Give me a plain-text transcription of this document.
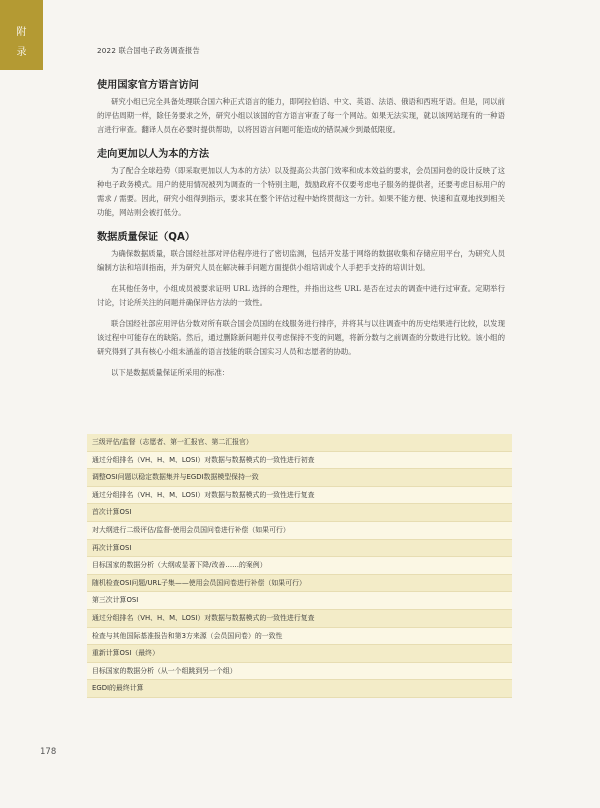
附
录	2022 联合国电子政务调查报告
使用国家官方语言访问

研究小组已完全具备处理联合国六种正式语言的能力，即阿拉伯语、中文、英语、法语、俄语和西班牙语。但是，同以前的评估周期一样，除任务要求之外，研究小组以该国的官方语言审查了每一个网站。如果无法实现，就以该网站现有的一种语言进行审查。翻译人员在必要时提供帮助，以将因语言问题可能造成的错误减少到最低限度。

走向更加以人为本的方法

为了配合全球趋势（即采取更加以人为本的方法）以及提高公共部门效率和成本效益的要求，会员国问卷的设计反映了这种电子政务模式。用户的使用情况被列为调查的一个特别主题，鼓励政府不仅要考虑电子服务的提供者，还要考虑目标用户的需求 / 需要。因此，研究小组得到指示，要求其在整个评估过程中始终贯彻这一方针。如果不能方便、快速和直观地找到相关功能，网站则会被打低分。

数据质量保证（QA）

为确保数据质量，联合国经社部对评估程序进行了密切监测，包括开发基于网络的数据收集和存储应用平台，为研究人员编制方法和培训指南，并为研究人员在解决棘手问题方面提供小组培训或个人手把手支持的培训计划。

在其他任务中，小组成员被要求证明 URL 选择的合理性，并指出这些 URL 是否在过去的调查中进行过审查。定期举行讨论，讨论所关注的问题并确保评估方法的一致性。

联合国经社部应用评估分数对所有联合国会员国的在线服务进行排序，并将其与以往调查中的历史结果进行比较，以发现该过程中可能存在的缺陷。然后，通过删除新问题并仅考虑保持不变的问题，将新分数与之前调查的分数进行比较。该小组的研究得到了具有核心小组未涵盖的语言技能的联合国实习人员和志愿者的协助。

以下是数据质量保证所采用的标准：

三级评估/监督（志愿者、第一汇报官、第二汇报官）
通过分组排名（VH、H、M、LOSI）对数据与数据模式的一致性进行初查
调整OSI问题以稳定数据集并与EGDI数据模型保持一致
通过分组排名（VH、H、M、LOSI）对数据与数据模式的一致性进行复查
首次计算OSI
对大纲进行二级评估/监督-使用会员国问卷进行补偿（如果可行）
再次计算OSI
目标国家的数据分析（大纲或显著下降/改善……的案例）
随机检查OSI问题/URL子集——使用会员国问卷进行补偿（如果可行）
第三次计算OSI
通过分组排名（VH、H、M、LOSI）对数据与数据模式的一致性进行复查
检查与其他国际基准报告和第3方来源（会员国问卷）的一致性
重新计算OSI（最终）
目标国家的数据分析（从一个组跳到另一个组）
EGDI的最终计算
178
